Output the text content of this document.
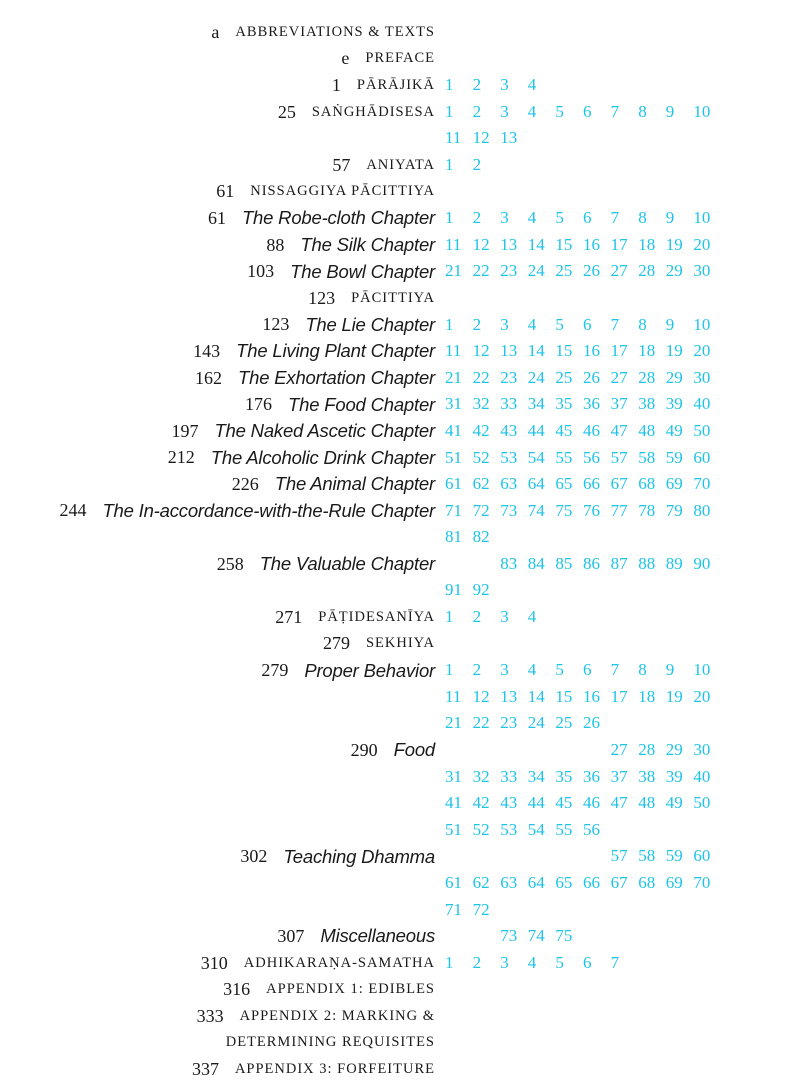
a ABBREVIATIONS & TEXTS
e PREFACE
1 PĀRĀJIKĀ 1	2	3	4
25 SAṄGHĀDISESA 1	2	3	4	5	6	7	8	9	10
11 12 13
57 ANIYATA 1	2
61 NISSAGGIYA PĀCITTIYA
61 The Robe-cloth Chapter 1	2	3	4	5	6	7	8	9	10
88 The Silk Chapter 11 12 13 14 15 16 17 18 19 20
103 The Bowl Chapter 21 22 23 24 25 26 27 28 29 30
123 PĀCITTIYA
123 The Lie Chapter 1	2	3	4	5	6	7	8	9	10
143 The Living Plant Chapter 11 12 13 14 15 16 17 18 19 20
162 The Exhortation Chapter 21 22 23 24 25 26 27 28 29 30
176 The Food Chapter 31 32 33 34 35 36 37 38 39 40
197 The Naked Ascetic Chapter 41 42 43 44 45 46 47 48 49 50
212 The Alcoholic Drink Chapter 51 52 53 54 55 56 57 58 59 60
226 The Animal Chapter 61 62 63 64 65 66 67 68 69 70
244 The In-accordance-with-the-Rule Chapter 71 72 73 74 75 76 77 78 79 80
81 82
258 The Valuable Chapter	83 84 85 86 87 88 89 90
91 92
271 PĀṬIDESANĪYA 1	2	3	4
279 SEKHIYA
279 Proper Behavior 1	2	3	4	5	6	7	8	9	10
11 12 13 14 15 16 17 18 19 20
21 22 23 24 25 26
290 Food	27 28 29 30
31 32 33 34 35 36 37 38 39 40
41 42 43 44 45 46 47 48 49 50
51 52 53 54 55 56
302 Teaching Dhamma	57 58 59 60
61 62 63 64 65 66 67 68 69 70
71 72
307 Miscellaneous	73 74 75
310 ADHIKARAṆA-SAMATHA 1	2	3	4	5	6	7
316 APPENDIX 1: EDIBLES
333 APPENDIX 2: MARKING &
DETERMINING REQUISITES
337 APPENDIX 3: FORFEITURE
